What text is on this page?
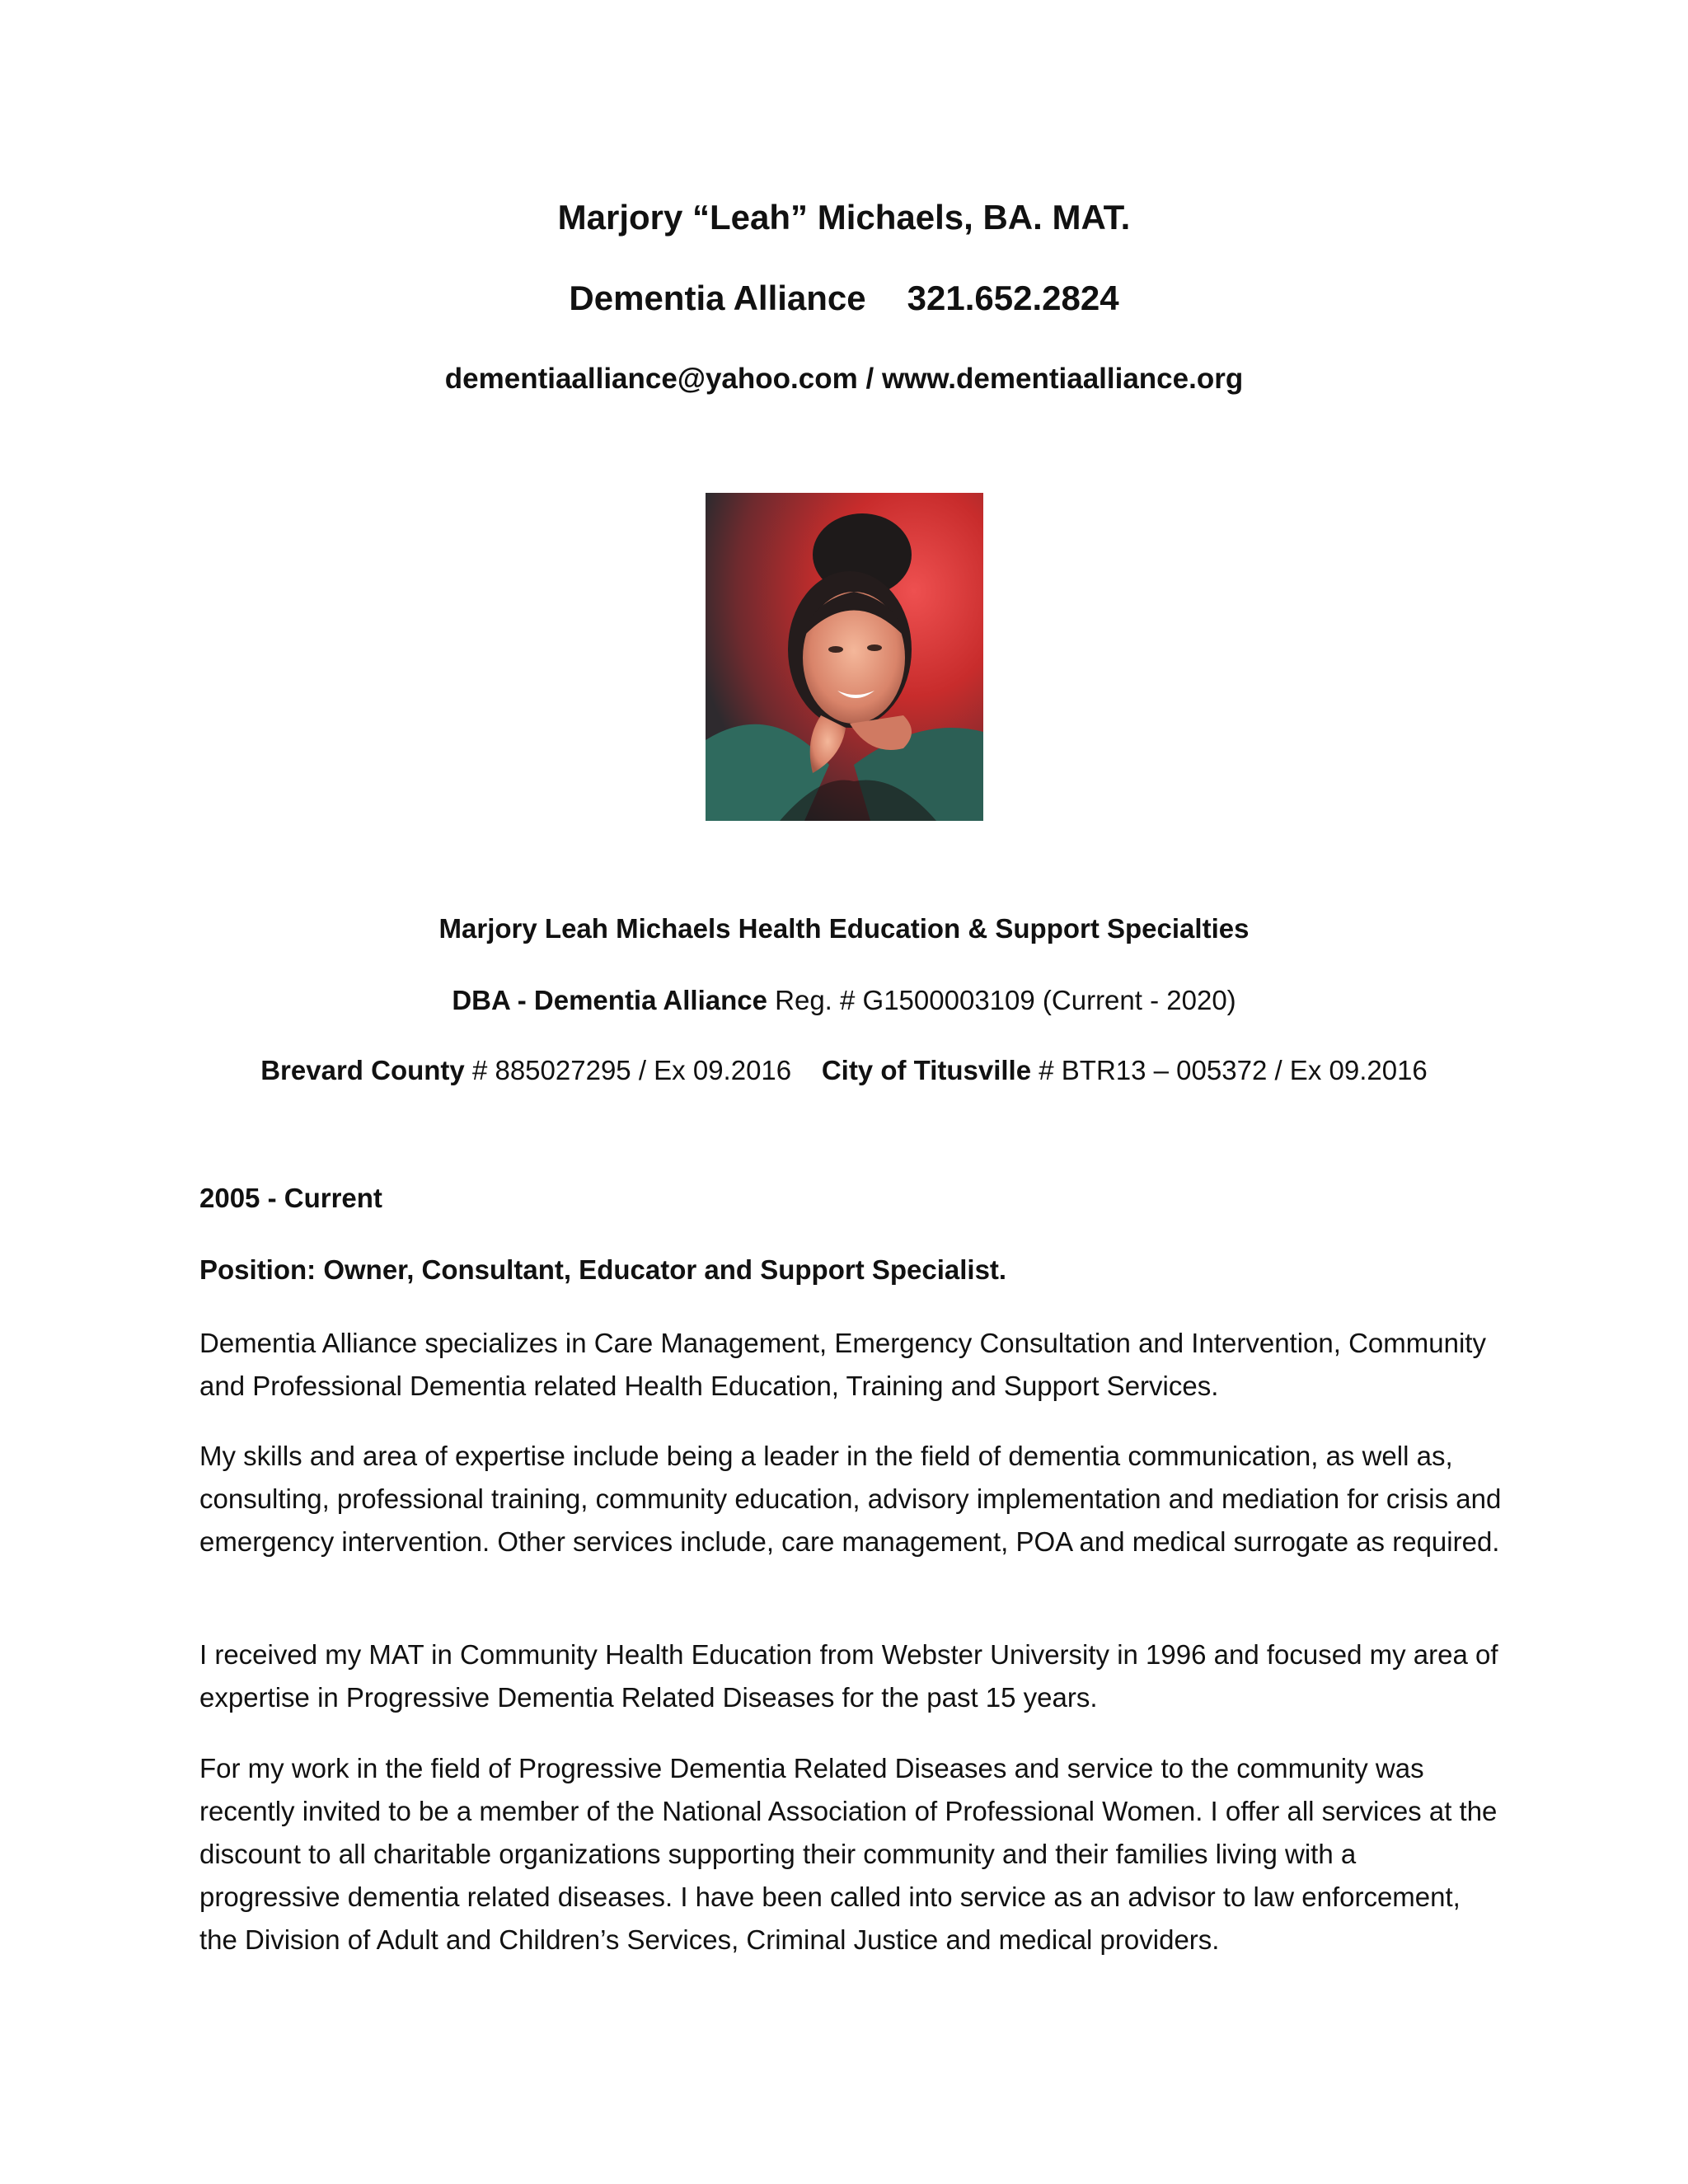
Marjory “Leah” Michaels, BA. MAT.
Dementia Alliance 321.652.2824
dementiaalliance@yahoo.com / www.dementiaalliance.org
Marjory Leah Michaels Health Education & Support Specialties
DBA - Dementia Alliance Reg. # G1500003109 (Current - 2020)
Brevard County # 885027295 / Ex 09.2016 City of Titusville # BTR13 – 005372 / Ex 09.2016
2005 - Current
Position: Owner, Consultant, Educator and Support Specialist.
Dementia Alliance specializes in Care Management, Emergency Consultation and Intervention, Community and Professional Dementia related Health Education, Training and Support Services.
My skills and area of expertise include being a leader in the field of dementia communication, as well as, consulting, professional training, community education, advisory implementation and mediation for crisis and emergency intervention. Other services include, care management, POA and medical surrogate as required.
I received my MAT in Community Health Education from Webster University in 1996 and focused my area of expertise in Progressive Dementia Related Diseases for the past 15 years.
For my work in the field of Progressive Dementia Related Diseases and service to the community was recently invited to be a member of the National Association of Professional Women. I offer all services at the discount to all charitable organizations supporting their community and their families living with a progressive dementia related diseases. I have been called into service as an advisor to law enforcement, the Division of Adult and Children’s Services, Criminal Justice and medical providers.
